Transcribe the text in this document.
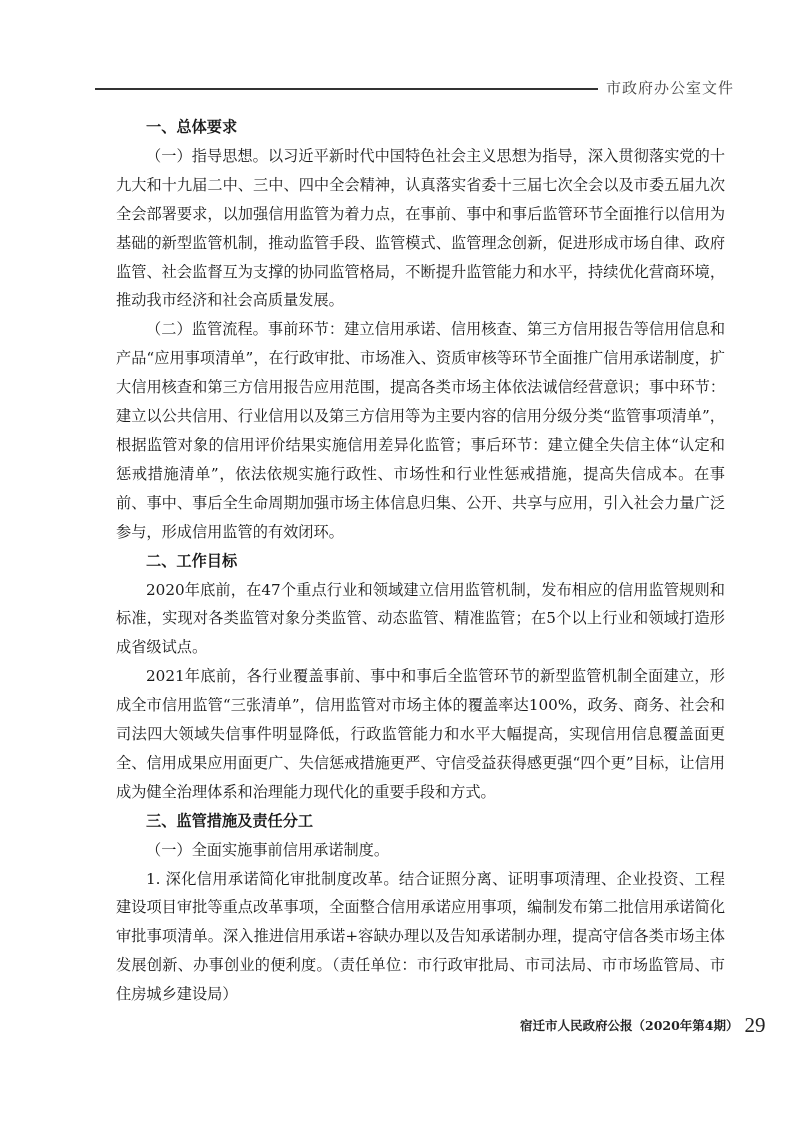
市政府办公室文件

一、总体要求

（一）指导思想。以习近平新时代中国特色社会主义思想为指导，深入贯彻落实党的十九大和十九届二中、三中、四中全会精神，认真落实省委十三届七次全会以及市委五届九次全会部署要求，以加强信用监管为着力点，在事前、事中和事后监管环节全面推行以信用为基础的新型监管机制，推动监管手段、监管模式、监管理念创新，促进形成市场自律、政府监管、社会监督互为支撑的协同监管格局，不断提升监管能力和水平，持续优化营商环境，推动我市经济和社会高质量发展。

（二）监管流程。事前环节：建立信用承诺、信用核查、第三方信用报告等信用信息和产品“应用事项清单”，在行政审批、市场准入、资质审核等环节全面推广信用承诺制度，扩大信用核查和第三方信用报告应用范围，提高各类市场主体依法诚信经营意识；事中环节：建立以公共信用、行业信用以及第三方信用等为主要内容的信用分级分类“监管事项清单”，根据监管对象的信用评价结果实施信用差异化监管；事后环节：建立健全失信主体“认定和惩戒措施清单”，依法依规实施行政性、市场性和行业性惩戒措施，提高失信成本。在事前、事中、事后全生命周期加强市场主体信息归集、公开、共享与应用，引入社会力量广泛参与，形成信用监管的有效闭环。

二、工作目标

2020年底前，在47个重点行业和领域建立信用监管机制，发布相应的信用监管规则和标准，实现对各类监管对象分类监管、动态监管、精准监管；在5个以上行业和领域打造形成省级试点。

2021年底前，各行业覆盖事前、事中和事后全监管环节的新型监管机制全面建立，形成全市信用监管“三张清单”，信用监管对市场主体的覆盖率达100%，政务、商务、社会和司法四大领域失信事件明显降低，行政监管能力和水平大幅提高，实现信用信息覆盖面更全、信用成果应用面更广、失信惩戒措施更严、守信受益获得感更强“四个更”目标，让信用成为健全治理体系和治理能力现代化的重要手段和方式。

三、监管措施及责任分工

（一）全面实施事前信用承诺制度。

1. 深化信用承诺简化审批制度改革。结合证照分离、证明事项清理、企业投资、工程建设项目审批等重点改革事项，全面整合信用承诺应用事项，编制发布第二批信用承诺简化审批事项清单。深入推进信用承诺+容缺办理以及告知承诺制办理，提高守信各类市场主体发展创新、办事创业的便利度。（责任单位：市行政审批局、市司法局、市市场监管局、市住房城乡建设局）

宿迁市人民政府公报（2020年第4期） 29
